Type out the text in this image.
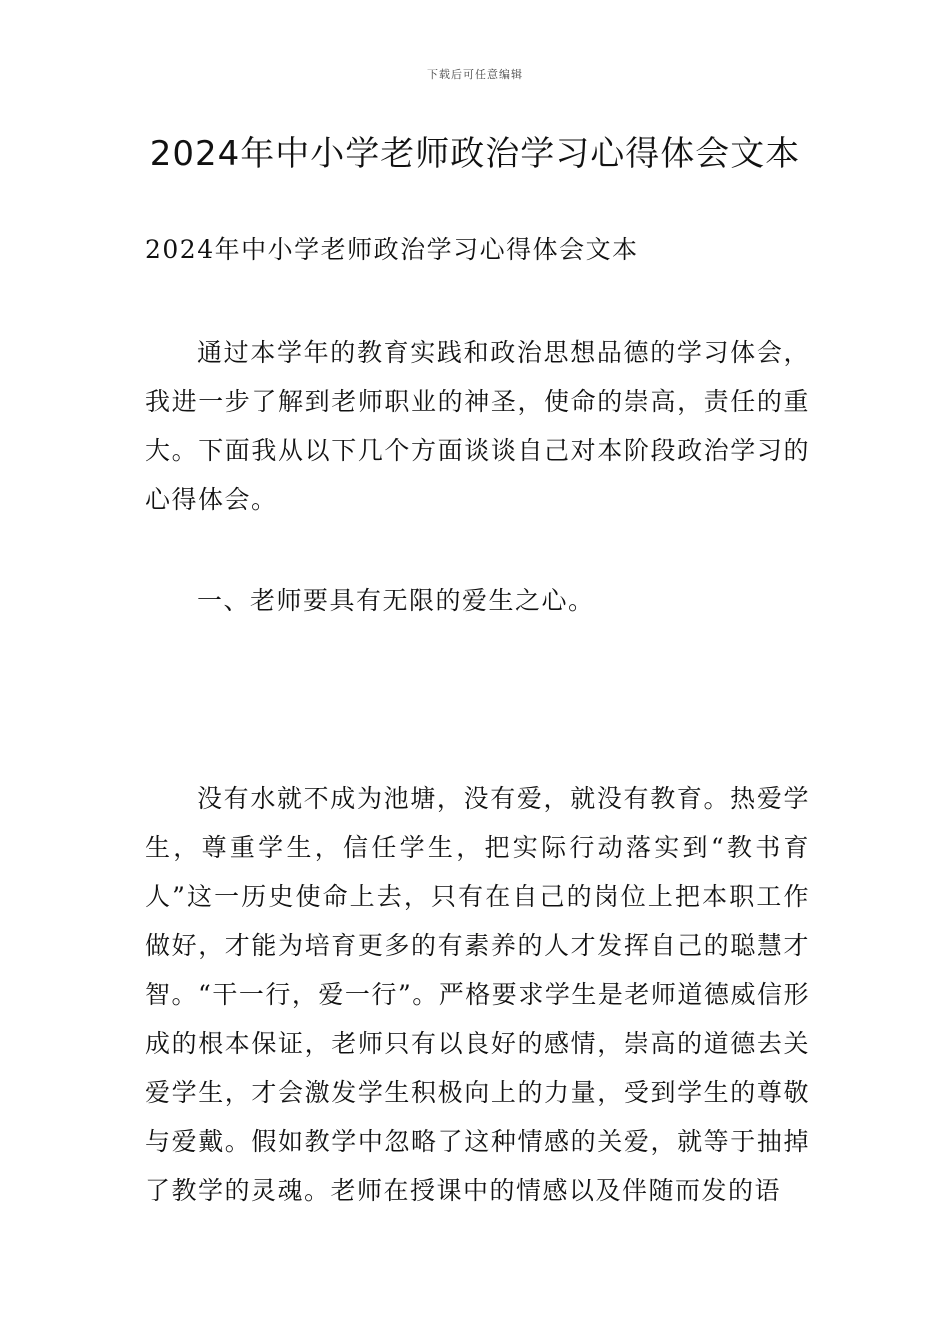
下载后可任意编辑
2024年中小学老师政治学习心得体会文本

2024年中小学老师政治学习心得体会文本

通过本学年的教育实践和政治思想品德的学习体会，我进一步了解到老师职业的神圣，使命的崇高，责任的重大。下面我从以下几个方面谈谈自己对本阶段政治学习的心得体会。

一、老师要具有无限的爱生之心。

没有水就不成为池塘，没有爱，就没有教育。热爱学生，尊重学生，信任学生，把实际行动落实到“教书育人”这一历史使命上去，只有在自己的岗位上把本职工作做好，才能为培育更多的有素养的人才发挥自己的聪慧才智。“干一行，爱一行”。严格要求学生是老师道德威信形成的根本保证，老师只有以良好的感情，崇高的道德去关爱学生，才会激发学生积极向上的力量，受到学生的尊敬与爱戴。假如教学中忽略了这种情感的关爱，就等于抽掉了教学的灵魂。老师在授课中的情感以及伴随而发的语
